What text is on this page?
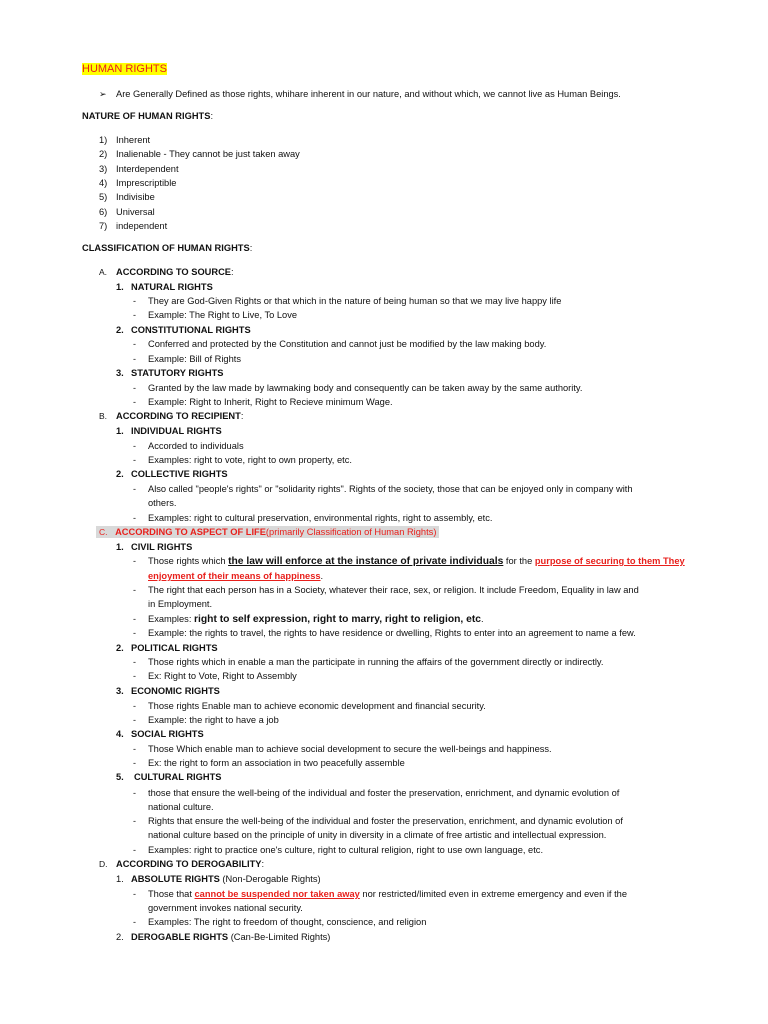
HUMAN RIGHTS
➢ Are Generally Defined as those rights, whihare inherent in our nature, and without which, we cannot live as Human Beings.
NATURE OF HUMAN RIGHTS:
1) Inherent
2) Inalienable - They cannot be just taken away
3) Interdependent
4) Imprescriptible
5) Indivisibe
6) Universal
7) independent
CLASSIFICATION OF HUMAN RIGHTS:
A. ACCORDING TO SOURCE:
1. NATURAL RIGHTS
- They are God-Given Rights or that which in the nature of being human so that we may live happy life
- Example: The Right to Live, To Love
2. CONSTITUTIONAL RIGHTS
- Conferred and protected by the Constitution and cannot just be modified by the law making body.
- Example: Bill of Rights
3. STATUTORY RIGHTS
- Granted by the law made by lawmaking body and consequently can be taken away by the same authority.
- Example: Right to Inherit, Right to Recieve minimum Wage.
B. ACCORDING TO RECIPIENT:
1. INDIVIDUAL RIGHTS
- Accorded to individuals
- Examples: right to vote, right to own property, etc.
2. COLLECTIVE RIGHTS
- Also called "people's rights" or "solidarity rights". Rights of the society, those that can be enjoyed only in company with
others.
- Examples: right to cultural preservation, environmental rights, right to assembly, etc.
C. ACCORDING TO ASPECT OF LIFE(primarily Classification of Human Rights)
1. CIVIL RIGHTS
- Those rights which the law will enforce at the instance of private individuals for the purpose of securing to them They
enjoyment of their means of happiness.
- The right that each person has in a Society, whatever their race, sex, or religion. It include Freedom, Equality in law and
in Employment.
- Examples: right to self expression, right to marry, right to religion, etc.
- Example: the rights to travel, the rights to have residence or dwelling, Rights to enter into an agreement to name a few.
2. POLITICAL RIGHTS
- Those rights which in enable a man the participate in running the affairs of the government directly or indirectly.
- Ex: Right to Vote, Right to Assembly
3. ECONOMIC RIGHTS
- Those rights Enable man to achieve economic development and financial security.
- Example: the right to have a job
4. SOCIAL RIGHTS
- Those Which enable man to achieve social development to secure the well-beings and happiness.
- Ex: the right to form an association in two peacefully assemble
5. CULTURAL RIGHTS
- those that ensure the well-being of the individual and foster the preservation, enrichment, and dynamic evolution of
national culture.
- Rights that ensure the well-being of the individual and foster the preservation, enrichment, and dynamic evolution of
national culture based on the principle of unity in diversity in a climate of free artistic and intellectual expression.
- Examples: right to practice one's culture, right to cultural religion, right to use own language, etc.
D. ACCORDING TO DEROGABILITY:
1. ABSOLUTE RIGHTS (Non-Derogable Rights)
- Those that cannot be suspended nor taken away nor restricted/limited even in extreme emergency and even if the
government invokes national security.
- Examples: The right to freedom of thought, conscience, and religion
2. DEROGABLE RIGHTS (Can-Be-Limited Rights)
